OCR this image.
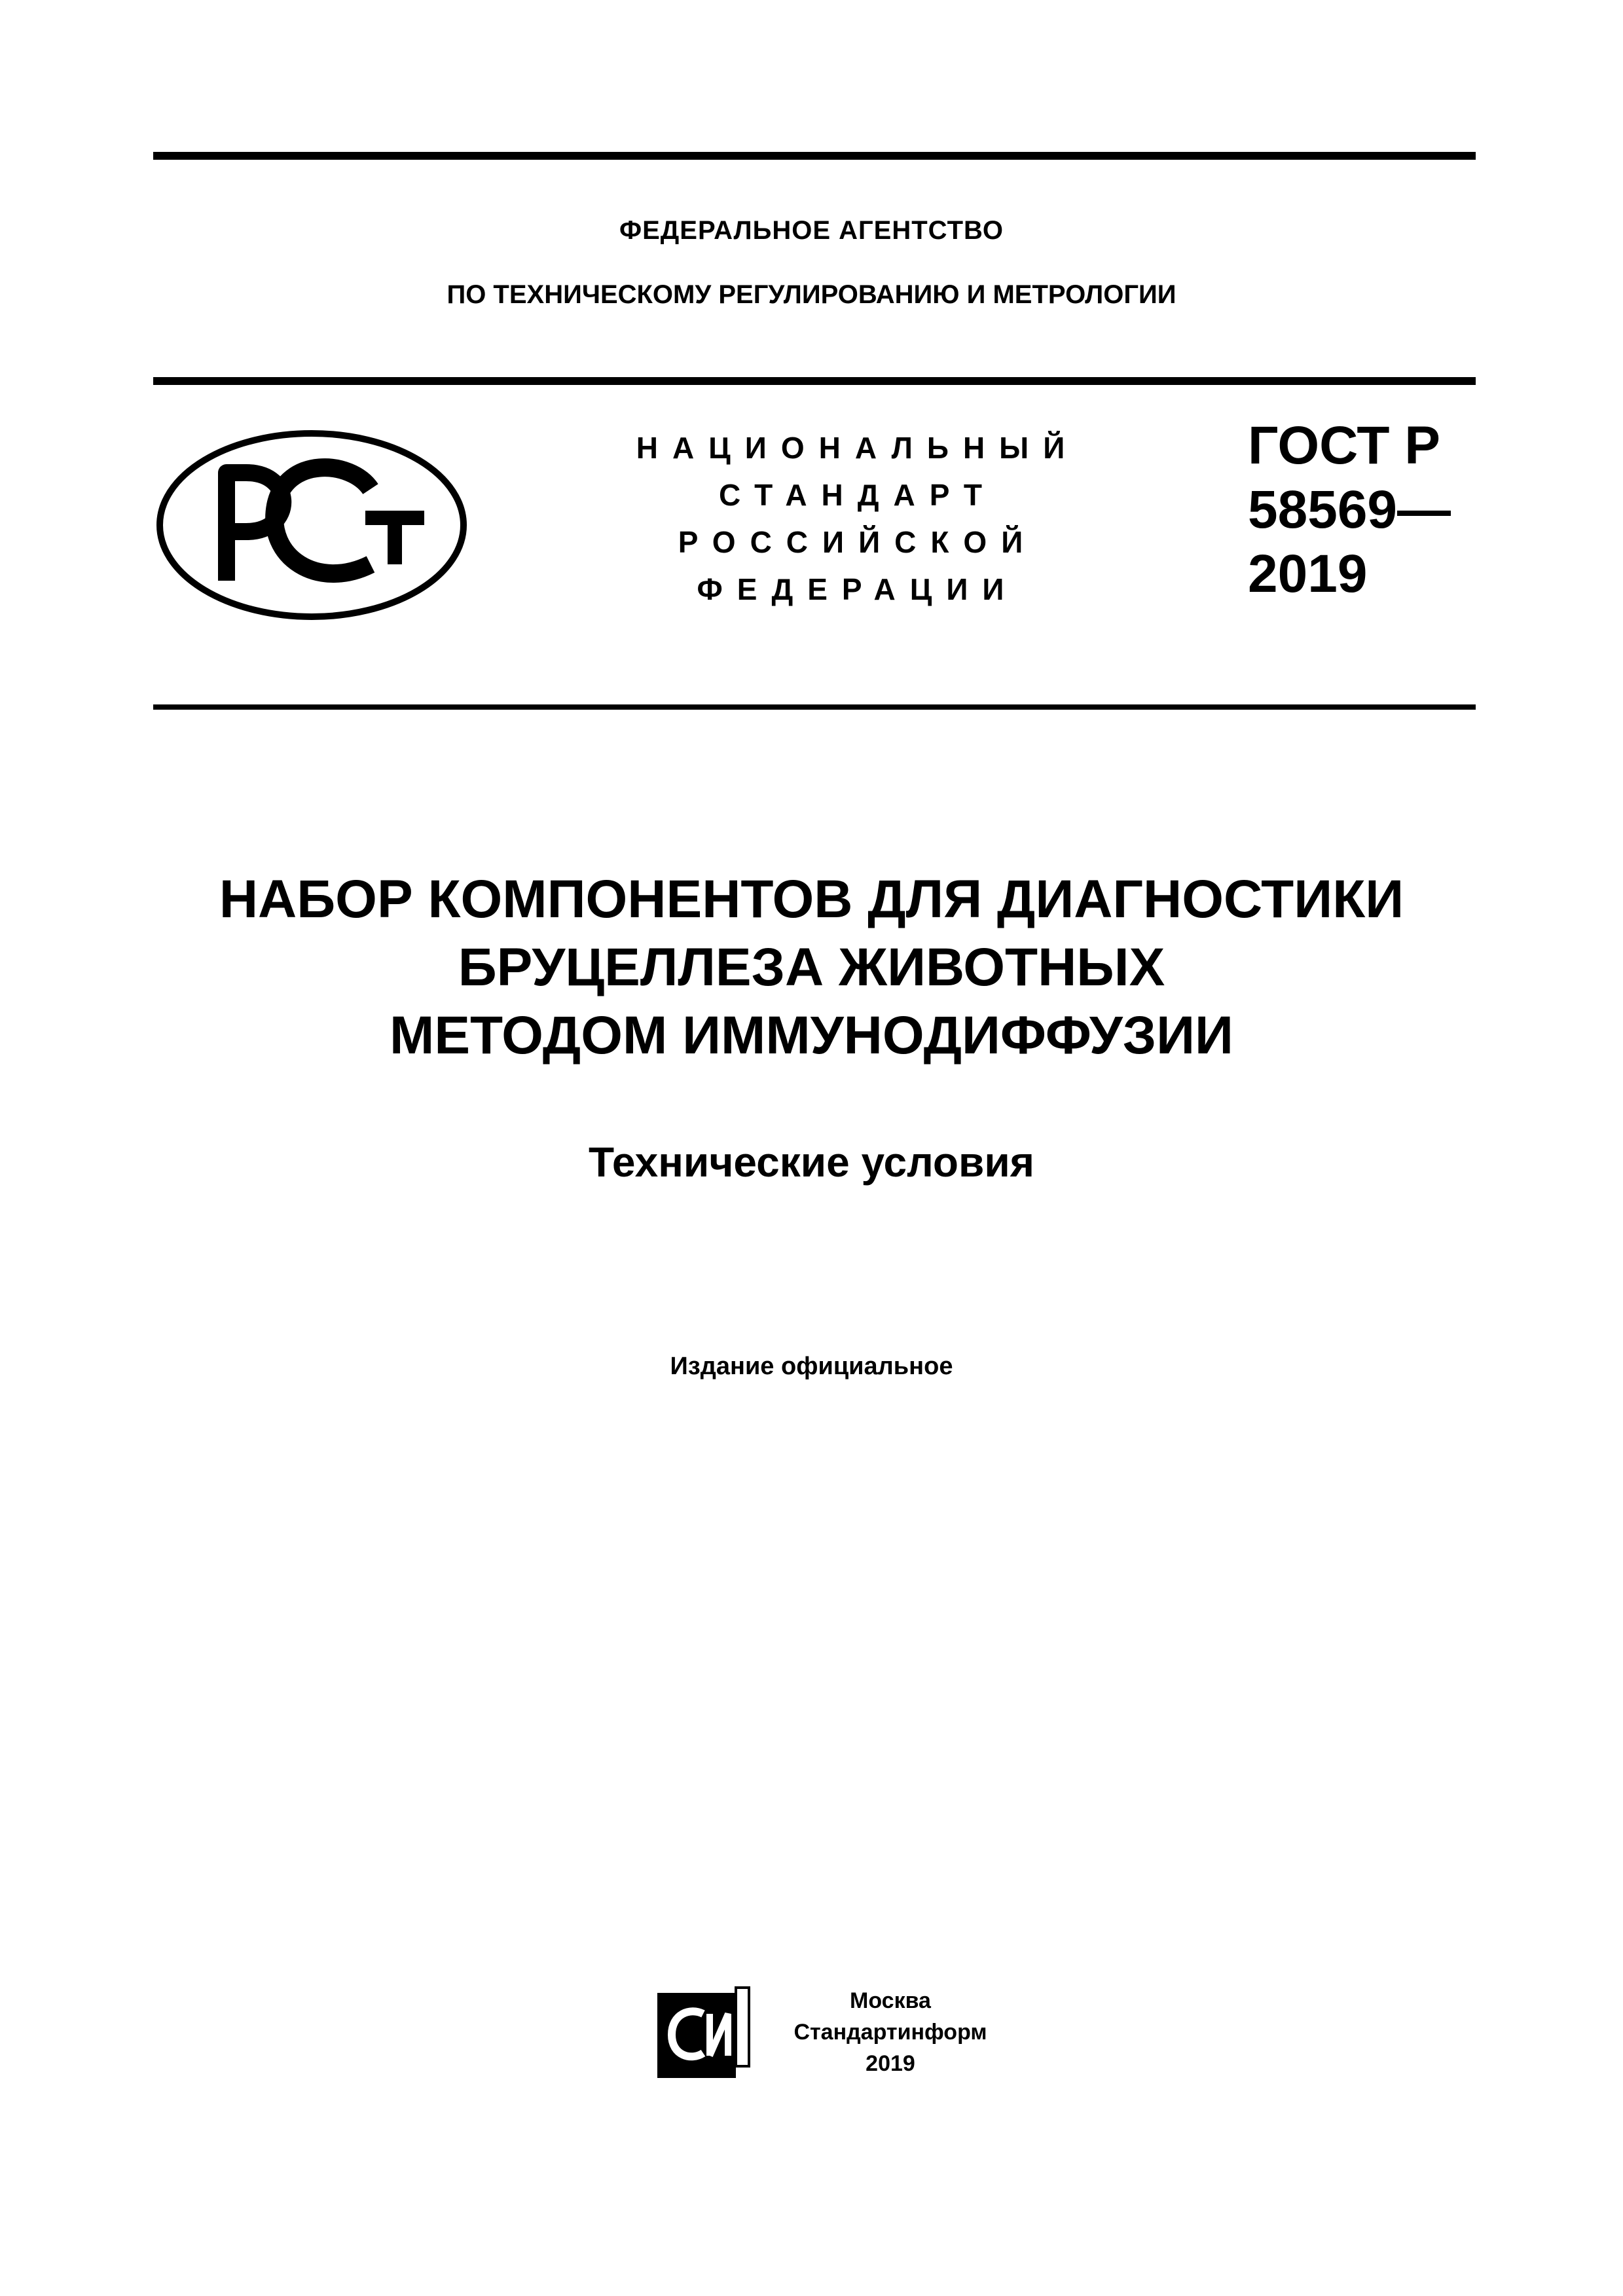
ФЕДЕРАЛЬНОЕ АГЕНТСТВО
ПО ТЕХНИЧЕСКОМУ РЕГУЛИРОВАНИЮ И МЕТРОЛОГИИ
НАЦИОНАЛЬНЫЙ
СТАНДАРТ
РОССИЙСКОЙ
ФЕДЕРАЦИИ
ГОСТ Р
58569—
2019
НАБОР КОМПОНЕНТОВ ДЛЯ ДИАГНОСТИКИ
БРУЦЕЛЛЕЗА ЖИВОТНЫХ
МЕТОДОМ ИММУНОДИФФУЗИИ
Технические условия
Издание официальное
Москва
Стандартинформ
2019
